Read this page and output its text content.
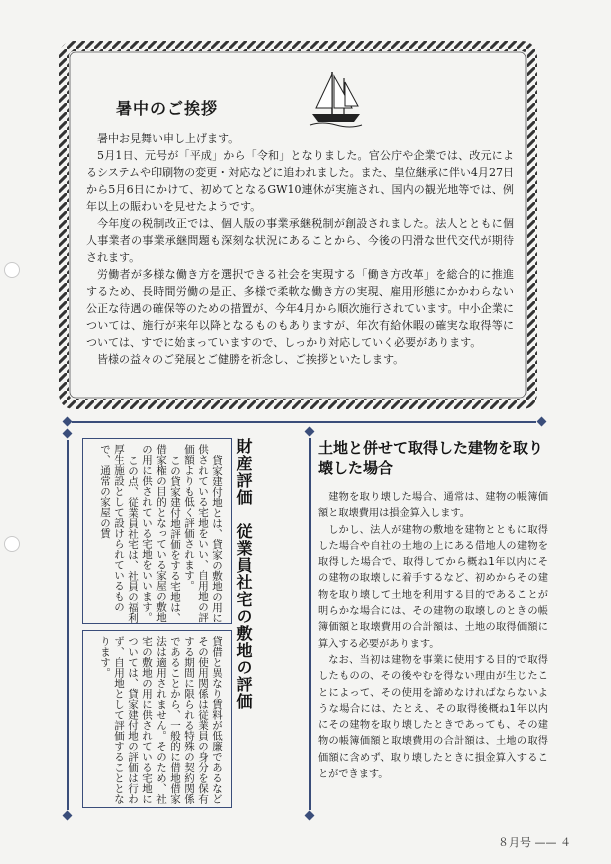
暑中のご挨拶

暑中お見舞い申し上げます。

5月1日、元号が「平成」から「令和」となりました。官公庁や企業では、改元によるシステムや印刷物の変更・対応などに追われました。また、皇位継承に伴い4月27日から5月6日にかけて、初めてとなるGW10連休が実施され、国内の観光地等では、例年以上の賑わいを見せたようです。

今年度の税制改正では、個人版の事業承継税制が創設されました。法人とともに個人事業者の事業承継問題も深刻な状況にあることから、今後の円滑な世代交代が期待されます。

労働者が多様な働き方を選択できる社会を実現する「働き方改革」を総合的に推進するため、長時間労働の是正、多様で柔軟な働き方の実現、雇用形態にかかわらない公正な待遇の確保等のための措置が、今年4月から順次施行されています。中小企業については、施行が来年以降となるものもありますが、年次有給休暇の確実な取得等については、すでに始まっていますので、しっかり対応していく必要があります。

皆様の益々のご発展とご健勝を祈念し、ご挨拶といたします。

財産評価　従業員社宅の敷地の評価

貸家建付地とは、貸家の敷地の用に供されている宅地をいい、自用地の評価額よりも低く評価されます。

この貸家建付地評価をする宅地は、借家権の目的となっている家屋の敷地の用に供されている宅地をいいます。

この点、従業員社宅は、社員の福利厚生施設として設けられているもので、通常の家屋の賃

貸借と異なり賃料が低廉であるなどその使用関係は従業員の身分を保有する期間に限られる特殊の契約関係であることから、一般的に借地借家法は適用されません。そのため、社宅の敷地の用に供されている宅地については、貸家建付地の評価は行わず、自用地として評価することとなります。

土地と併せて取得した建物を取り壊した場合

建物を取り壊した場合、通常は、建物の帳簿価額と取壊費用は損金算入します。

しかし、法人が建物の敷地を建物とともに取得した場合や自社の土地の上にある借地人の建物を取得した場合で、取得してから概ね1年以内にその建物の取壊しに着手するなど、初めからその建物を取り壊して土地を利用する目的であることが明らかな場合には、その建物の取壊しのときの帳簿価額と取壊費用の合計額は、土地の取得価額に算入する必要があります。

なお、当初は建物を事業に使用する目的で取得したものの、その後やむを得ない理由が生じたことによって、その使用を諦めなければならないような場合には、たとえ、その取得後概ね1年以内にその建物を取り壊したときであっても、その建物の帳簿価額と取壊費用の合計額は、土地の取得価額に含めず、取り壊したときに損金算入することができます。

８月号 —— ４
